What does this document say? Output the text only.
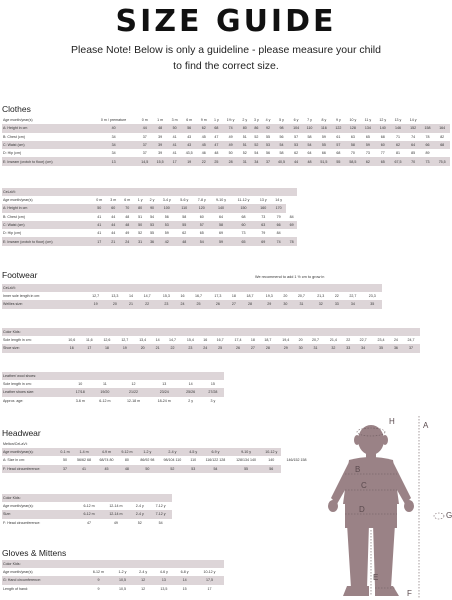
SIZE GUIDE
Please Note! Below is only a guideline - please measure your child
to find the correct size.
Clothes
Age month/year(s)	0 m / premature	0 m	1 m	3 m	6 m	9 m	1 y	1½ y	2 y	3 y	4 y	5 y	6 y	7 y	8 y	9 y	10 y	11 y	12 y	13 y	14 y		
A: Height in cm	40	44	48	50	56	62	68	74	80	86	92	98	104	110	116	122	128	134	140	146	152	158	164
B: Chest (cm)	34	37	39	41	43	45	47	49	51	52	55	56	57	58	59	61	63	65	68	71	74	78	82
C: Waist (cm)	34	37	39	41	43	45	47	49	51	52	53	54	53	54	55	57	58	59	60	62	64	66	68
D: Hip (cm)	34	37	39	41	43,5	46	48	50	52	54	56	58	62	64	66	68	70	73	77	81	85	89	
E: Inseam (crotch to floor) (cm)	13	14,5	15,5	17	19	22	25	28	31	34	37	40,5	44	48	51,5	55	58,5	62	65	67,5	70	73	75,5
CeLaVi:
Age month/year(s)	0 m	3 m	6 m	1 y	2 y	3-4 y	5-6 y	7-8 y	9-10 y	11-12 y	13 y	14 y	
A: Height in cm	50	60	70	80	90	100	110	120	140	150	160	170	
B: Chest (cm)	41	44	48	51	54	56	58	60	64	68	73	79	84
C: Waist (cm)	41	44	48	50	53	53	55	57	58	60	63	66	69
D: Hip (cm)	41	44	49	52	55	59	62	65	69	73	79	84	
E: Inseam (crotch to floor) (cm)	17	21	24	31	36	42	48	54	59	65	69	74	78
Footwear	We recommend to add 1 ½ cm to grow in
CeLaVi:
Inner sole length in cm:	12,7	13,3	14	14,7	15,3	16	16,7	17,3	18	18,7	19,3	20	20,7	21,3	22	22,7	23,3
Wellies size:	19	20	21	22	23	24	25	26	27	28	29	30	31	32	33	34	35
Color Kids:
Sole length in cm:	10,6	11,6	12,6	12,7	13,4	14	14,7	15,4	16	16,7	17,4	18	18,7	19,4	20	20,7	21,4	22	22,7	23,4	24	24,7
Shoe size:	16	17	18	19	20	21	22	23	24	25	26	27	28	29	30	31	32	33	34	35	36	37
Leather/ wool shoes:
Sole length in cm:	10	11	12	13	14	15
Leather shoes size:	17/18	19/20	21/22	23/24	25/26	27/28
Approx. age:	3-6 m	6-12 m	12-18 m	18-24 m	2 y	3 y
Headwear
Melton/CeLaVi:
Age month/year(s):	0-1 m	1-4 m	4-9 m	9-12 m	1-2 y	2-4 y	4-5 y	6-9 y	9-10 y	10-12 y	
A: Size in cm:	50	56/62 68	68/74 80	80	86/92 98	98/104 110	110	116/122 128	128/134 140	140	146/152 158
F: Head circumference:	37	41	45	48	50	52	53	54	55	56	
Color Kids:
Age month/year(s):	6-12 m	12-14 m	2-4 y	7-12 y
Size:	6-12 m	12-14 m	2-4 y	7-12 y
F: Head circumference:	47	49	52	54
Gloves & Mittens
Color Kids:
Age month/year(s)	6-12 m	1-2 y	2-4 y	4-6 y	6-8 y	10-12 y
G: Hand circumference:	9	10,5	12	13	14	17,5
Length of hand:	9	10,5	12	13,5	15	17
A
H
B
C
D
E
F
G
